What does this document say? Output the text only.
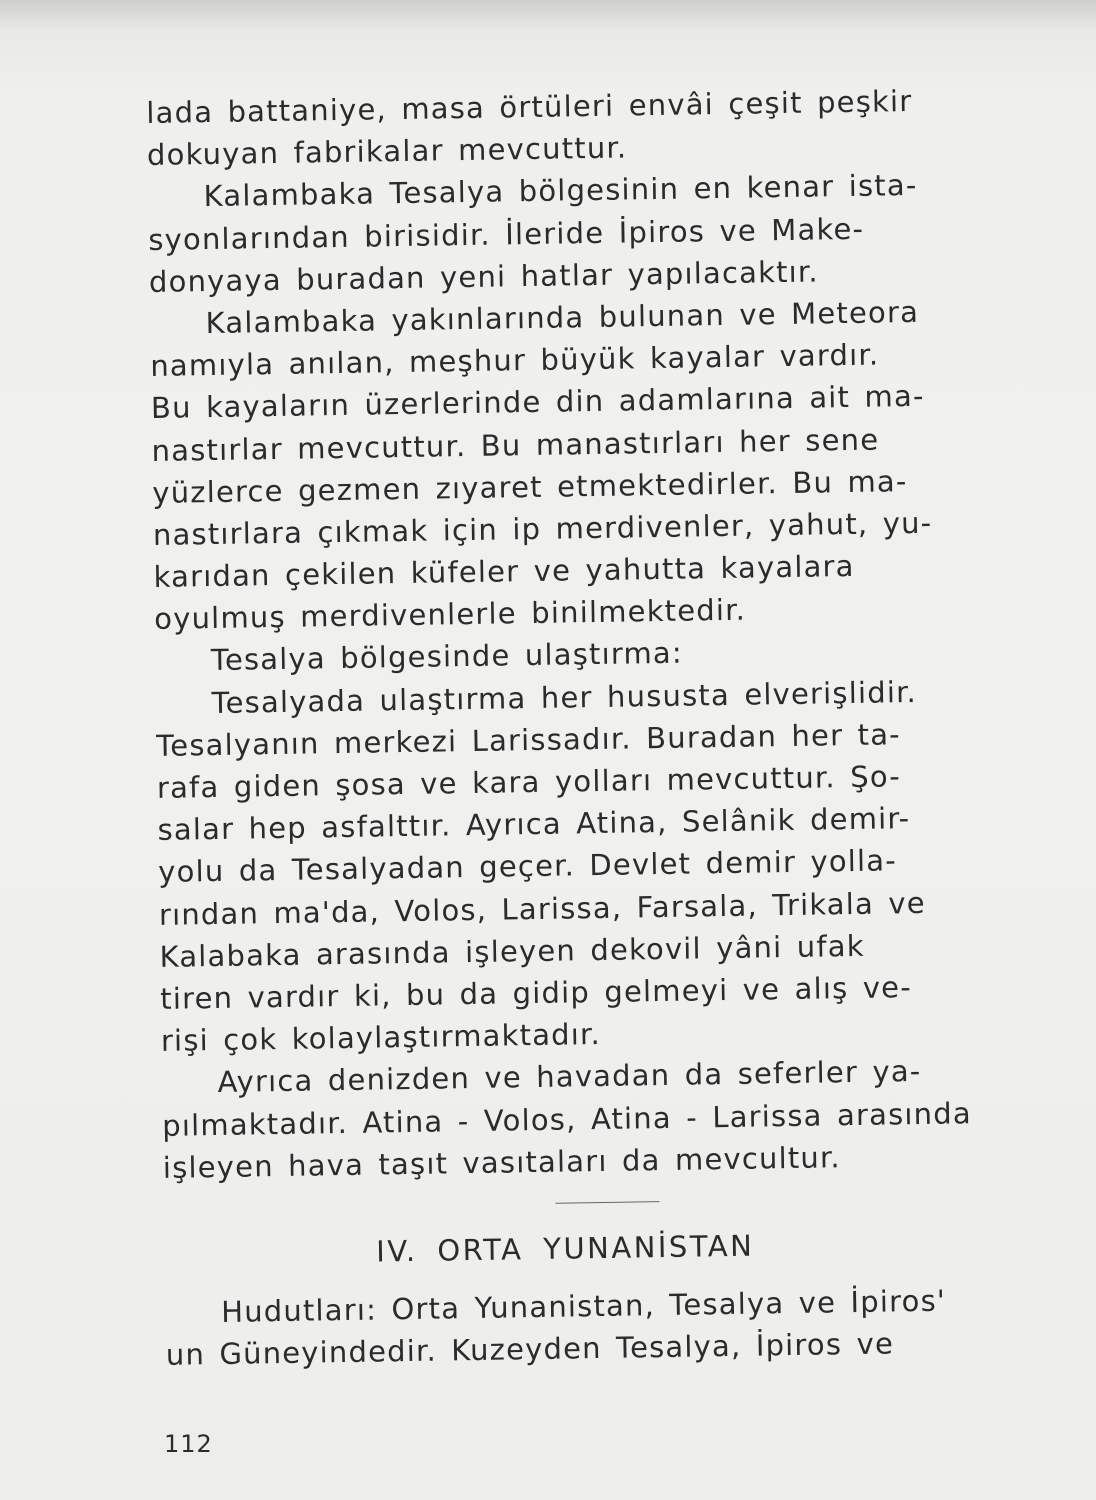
lada battaniye, masa örtüleri envâi çeşit peşkir
dokuyan fabrikalar mevcuttur.
Kalambaka Tesalya bölgesinin en kenar ista-
syonlarından birisidir. İleride İpiros ve Make-
donyaya buradan yeni hatlar yapılacaktır.
Kalambaka yakınlarında bulunan ve Meteora
namıyla anılan, meşhur büyük kayalar vardır.
Bu kayaların üzerlerinde din adamlarına ait ma-
nastırlar mevcuttur. Bu manastırları her sene
yüzlerce gezmen zıyaret etmektedirler. Bu ma-
nastırlara çıkmak için ip merdivenler, yahut, yu-
karıdan çekilen küfeler ve yahutta kayalara
oyulmuş merdivenlerle binilmektedir.
Tesalya bölgesinde ulaştırma:
Tesalyada ulaştırma her hususta elverişlidir.
Tesalyanın merkezi Larissadır. Buradan her ta-
rafa giden şosa ve kara yolları mevcuttur. Şo-
salar hep asfalttır. Ayrıca Atina, Selânik demir-
yolu da Tesalyadan geçer. Devlet demir yolla-
rından ma'da, Volos, Larissa, Farsala, Trikala ve
Kalabaka arasında işleyen dekovil yâni ufak
tiren vardır ki, bu da gidip gelmeyi ve alış ve-
rişi çok kolaylaştırmaktadır.
Ayrıca denizden ve havadan da seferler ya-
pılmaktadır. Atina - Volos, Atina - Larissa arasında
işleyen hava taşıt vasıtaları da mevcultur.
IV. ORTA YUNANİSTAN
Hudutları: Orta Yunanistan, Tesalya ve İpiros'
un Güneyindedir. Kuzeyden Tesalya, İpiros ve
112
